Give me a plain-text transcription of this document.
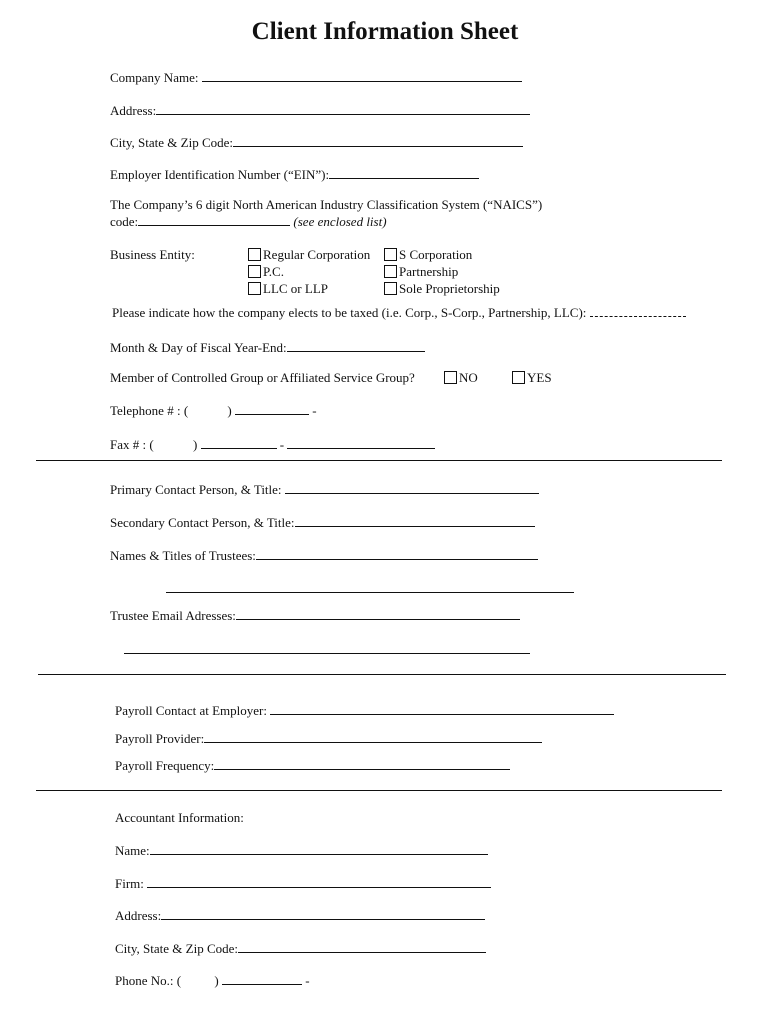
Client Information Sheet
Company Name:
Address:
City, State & Zip Code:
Employer Identification Number (“EIN”):
The Company’s 6 digit North American Industry Classification System (“NAICS”)
code:	(see enclosed list)
Business Entity:	Regular Corporation	S Corporation
P.C.	Partnership
LLC or LLP	Sole Proprietorship
Please indicate how the company elects to be taxed (i.e. Corp., S-Corp., Partnership, LLC):
Month & Day of Fiscal Year-End:
Member of Controlled Group or Affiliated Service Group?	NO	YES
Telephone # : (	)	-
Fax # : (	)	-
Primary Contact Person, & Title:
Secondary Contact Person, & Title:
Names & Titles of Trustees:
Trustee Email Adresses:
Payroll Contact at Employer:
Payroll Provider:
Payroll Frequency:
Accountant Information:
Name:
Firm:
Address:
City, State & Zip Code:
Phone No.: (	)	-
